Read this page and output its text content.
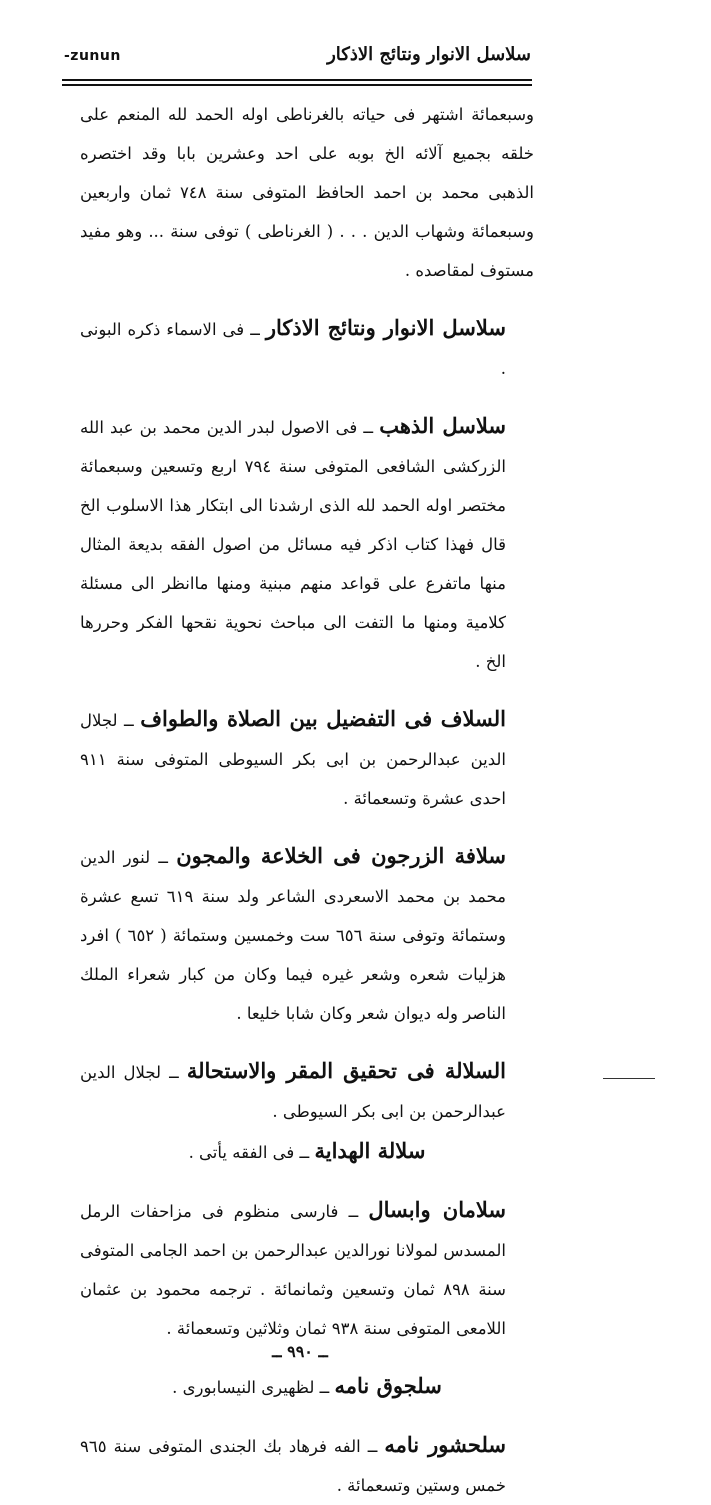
-zunun	سلاسل الانوار ونتائج الاذكار

وسبعمائة اشتهر فى حياته بالغرناطى اوله الحمد لله المنعم على خلقه بجميع آلائه الخ بوبه على احد وعشرين بابا وقد اختصره الذهبى محمد بن احمد الحافظ المتوفى سنة ٧٤٨ ثمان واربعين وسبعمائة وشهاب الدين . . . ( الغرناطى ) توفى سنة ... وهو مفيد مستوف لمقاصده .

سلاسل الانوار ونتائج الاذكار ــ فى الاسماء ذكره البونى .

سلاسل الذهب ــ فى الاصول لبدر الدين محمد بن عبد الله الزركشى الشافعى المتوفى سنة ٧٩٤ اربع وتسعين وسبعمائة مختصر اوله الحمد لله الذى ارشدنا الى ابتكار هذا الاسلوب الخ قال فهذا كتاب اذكر فيه مسائل من اصول الفقه بديعة المثال منها ماتفرع على قواعد منهم مبنية ومنها ماانظر الى مسئلة كلامية ومنها ما التفت الى مباحث نحوية نقحها الفكر وحررها الخ .

السلاف فى التفضيل بين الصلاة والطواف ــ لجلال الدين عبدالرحمن بن ابى بكر السيوطى المتوفى سنة ٩١١ احدى عشرة وتسعمائة .

سلافة الزرجون فى الخلاعة والمجون ــ لنور الدين محمد بن محمد الاسعردى الشاعر ولد سنة ٦١٩ تسع عشرة وستمائة وتوفى سنة ٦٥٦ ست وخمسين وستمائة ( ٦٥٢ ) افرد هزليات شعره وشعر غيره فيما وكان من كبار شعراء الملك الناصر وله ديوان شعر وكان شابا خليعا .

السلالة فى تحقيق المقر والاستحالة ــ لجلال الدين عبدالرحمن بن ابى بكر السيوطى .

سلالة الهداية ــ فى الفقه يأتى .

سلامان وابسال ــ فارسى منظوم فى مزاحفات الرمل المسدس لمولانا نورالدين عبدالرحمن بن احمد الجامى المتوفى سنة ٨٩٨ ثمان وتسعين وثمانمائة . ترجمه محمود بن عثمان اللامعى المتوفى سنة ٩٣٨ ثمان وثلاثين وتسعمائة .

سلجوق نامه ــ لظهيرى النيسابورى .

سلحشور نامه ــ الفه فرهاد بك الجندى المتوفى سنة ٩٦٥ خمس وستين وتسعمائة .

ــ ٩٩٠ ــ
